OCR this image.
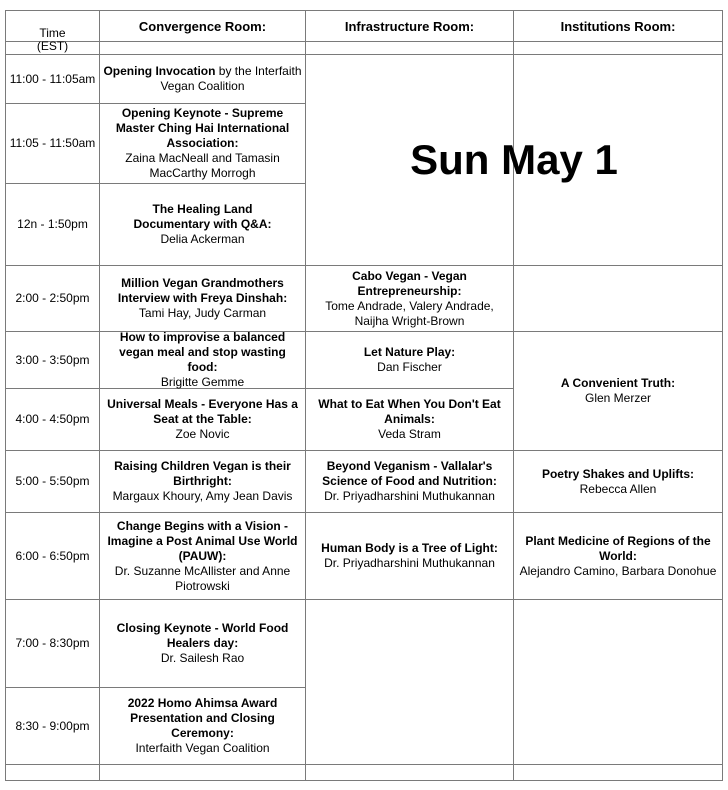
Time
(EST)
Convergence Room:	Infrastructure Room:	Institutions Room:
Sun May 1
11:00 - 11:05am
Opening Invocation by the Interfaith Vegan Coalition
11:05 - 11:50am
Opening Keynote - Supreme Master Ching Hai International Association:
Zaina MacNeall and Tamasin MacCarthy Morrogh
12n - 1:50pm
The Healing Land Documentary with Q&A:
Delia Ackerman
2:00 - 2:50pm
Million Vegan Grandmothers Interview with Freya Dinshah:
Tami Hay, Judy Carman
Cabo Vegan - Vegan Entrepreneurship:
Tome Andrade, Valery Andrade, Naijha Wright-Brown
3:00 - 3:50pm
How to improvise a balanced vegan meal and stop wasting food:
Brigitte Gemme
Let Nature Play:
Dan Fischer
A Convenient Truth:
Glen Merzer
4:00 - 4:50pm
Universal Meals - Everyone Has a Seat at the Table:
Zoe Novic
What to Eat When You Don't Eat Animals:
Veda Stram
5:00 - 5:50pm
Raising Children Vegan is their Birthright:
Margaux Khoury, Amy Jean Davis
Beyond Veganism - Vallalar's Science of Food and Nutrition:
Dr. Priyadharshini Muthukannan
Poetry Shakes and Uplifts:
Rebecca Allen
6:00 - 6:50pm
Change Begins with a Vision - Imagine a Post Animal Use World (PAUW):
Dr. Suzanne McAllister and Anne Piotrowski
Human Body is a Tree of Light:
Dr. Priyadharshini Muthukannan
Plant Medicine of Regions of the World:
Alejandro Camino, Barbara Donohue
7:00 - 8:30pm
Closing Keynote - World Food Healers day:
Dr. Sailesh Rao
8:30 - 9:00pm
2022 Homo Ahimsa Award Presentation and Closing Ceremony:
Interfaith Vegan Coalition
